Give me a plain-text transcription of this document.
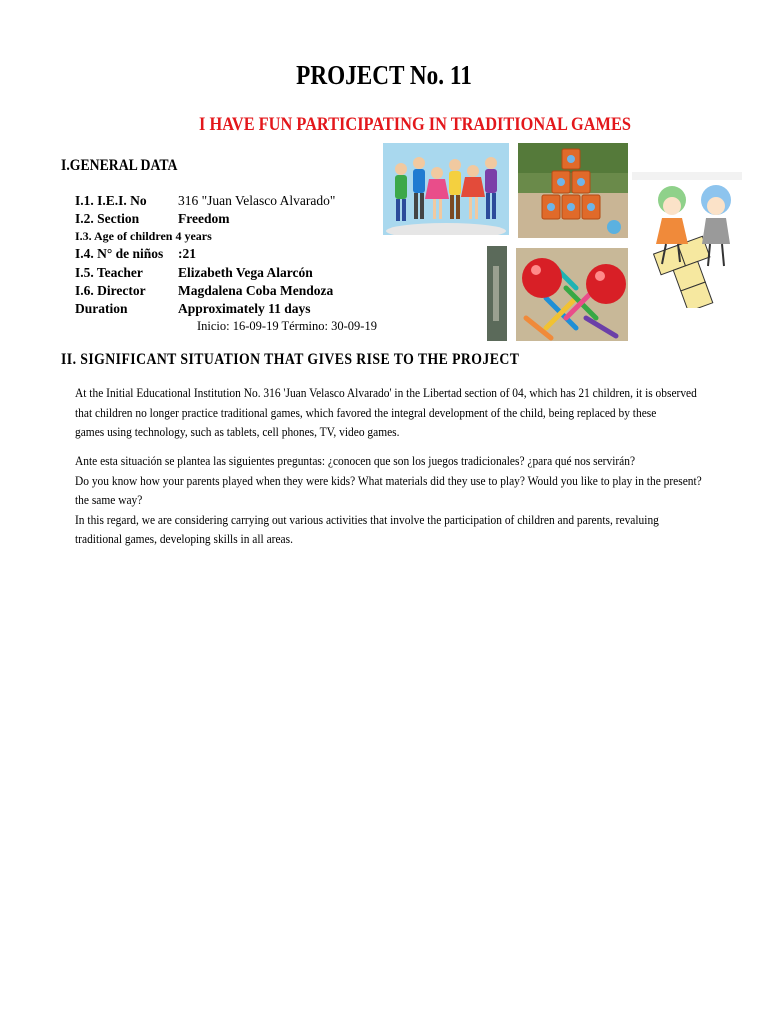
PROJECT No. 11
I HAVE FUN PARTICIPATING IN TRADITIONAL GAMES
I.GENERAL DATA
I.1. I.E.I. No 316 "Juan Velasco Alvarado"
I.2. Section	Freedom
I.3. Age of children 4 years
I.4. N° de niños :21
I.5. Teacher	Elizabeth Vega Alarcón
I.6. Director Magdalena Coba Mendoza
Duration	Approximately 11 days
Inicio: 16-09-19 Término: 30-09-19
II. SIGNIFICANT SITUATION THAT GIVES RISE TO THE PROJECT
At the Initial Educational Institution No. 316 'Juan Velasco Alvarado' in the Libertad section of 04, which has 21 children, it is observed
that children no longer practice traditional games, which favored the integral development of the child, being replaced by these
games using technology, such as tablets, cell phones, TV, video games.
Ante esta situación se plantea las siguientes preguntas: ¿conocen que son los juegos tradicionales? ¿para qué nos servirán?
Do you know how your parents played when they were kids? What materials did they use to play? Would you like to play in the present?
the same way?
In this regard, we are considering carrying out various activities that involve the participation of children and parents, revaluing
traditional games, developing skills in all areas.
